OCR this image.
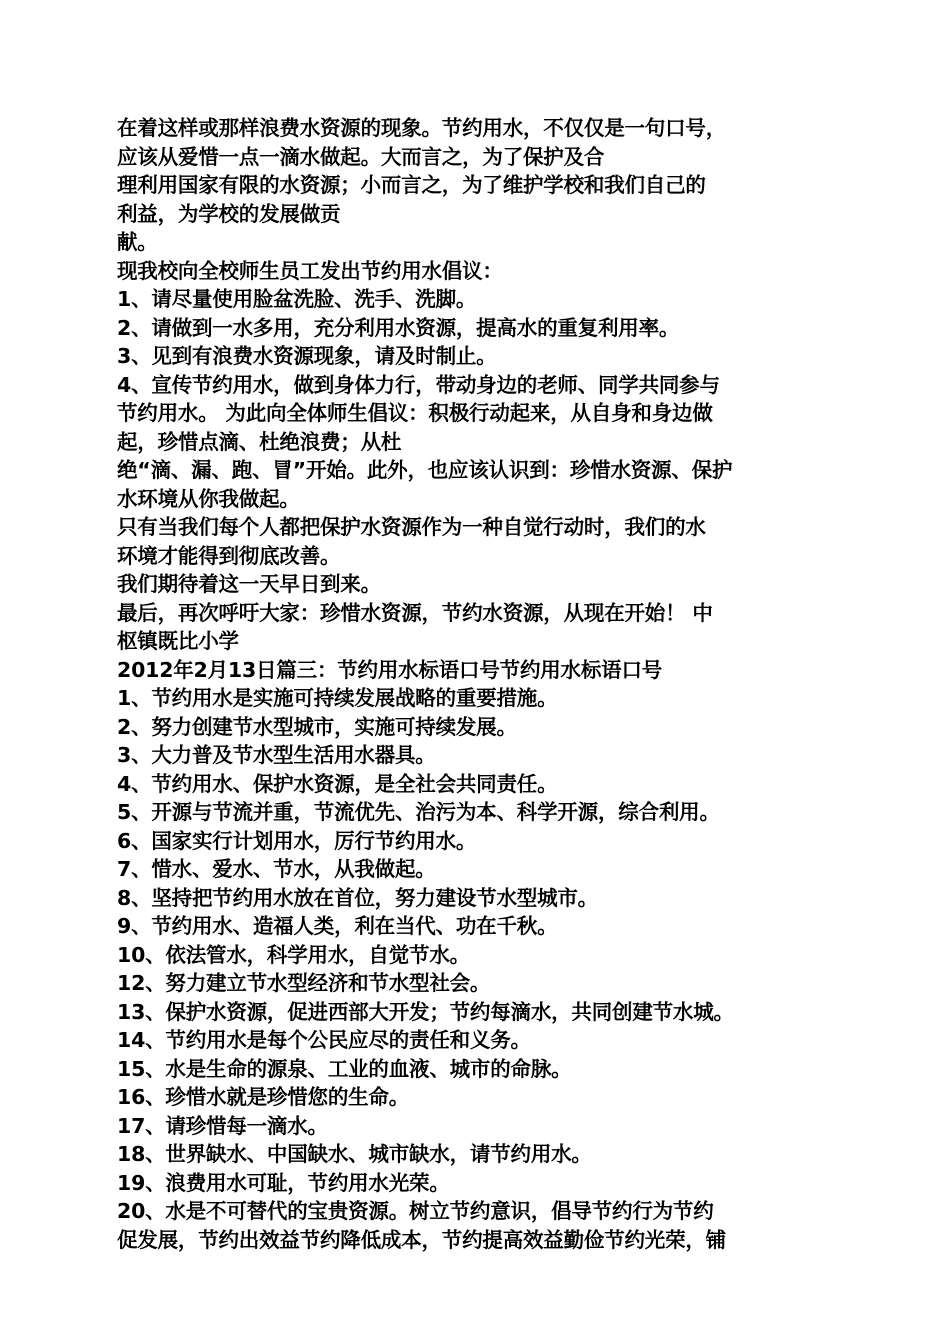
在着这样或那样浪费水资源的现象。节约用水，不仅仅是一句口号，
应该从爱惜一点一滴水做起。大而言之，为了保护及合
理利用国家有限的水资源；小而言之，为了维护学校和我们自己的
利益，为学校的发展做贡
献。
现我校向全校师生员工发出节约用水倡议：
1、请尽量使用脸盆洗脸、洗手、洗脚。
2、请做到一水多用，充分利用水资源，提高水的重复利用率。
3、见到有浪费水资源现象，请及时制止。
4、宣传节约用水，做到身体力行，带动身边的老师、同学共同参与
节约用水。 为此向全体师生倡议：积极行动起来，从自身和身边做
起，珍惜点滴、杜绝浪费；从杜
绝“滴、漏、跑、冒”开始。此外，也应该认识到：珍惜水资源、保护
水环境从你我做起。
只有当我们每个人都把保护水资源作为一种自觉行动时，我们的水
环境才能得到彻底改善。
我们期待着这一天早日到来。
最后，再次呼吁大家：珍惜水资源，节约水资源，从现在开始！ 中
枢镇既比小学
2012年2月13日篇三：节约用水标语口号节约用水标语口号
1、节约用水是实施可持续发展战略的重要措施。
2、努力创建节水型城市，实施可持续发展。
3、大力普及节水型生活用水器具。
4、节约用水、保护水资源，是全社会共同责任。
5、开源与节流并重，节流优先、治污为本、科学开源，综合利用。
6、国家实行计划用水，厉行节约用水。
7、惜水、爱水、节水，从我做起。
8、坚持把节约用水放在首位，努力建设节水型城市。
9、节约用水、造福人类，利在当代、功在千秋。
10、依法管水，科学用水，自觉节水。
12、努力建立节水型经济和节水型社会。
13、保护水资源，促进西部大开发；节约每滴水，共同创建节水城。
14、节约用水是每个公民应尽的责任和义务。
15、水是生命的源泉、工业的血液、城市的命脉。
16、珍惜水就是珍惜您的生命。
17、请珍惜每一滴水。
18、世界缺水、中国缺水、城市缺水，请节约用水。
19、浪费用水可耻，节约用水光荣。
20、水是不可替代的宝贵资源。树立节约意识，倡导节约行为节约
促发展，节约出效益节约降低成本，节约提高效益勤俭节约光荣，铺
